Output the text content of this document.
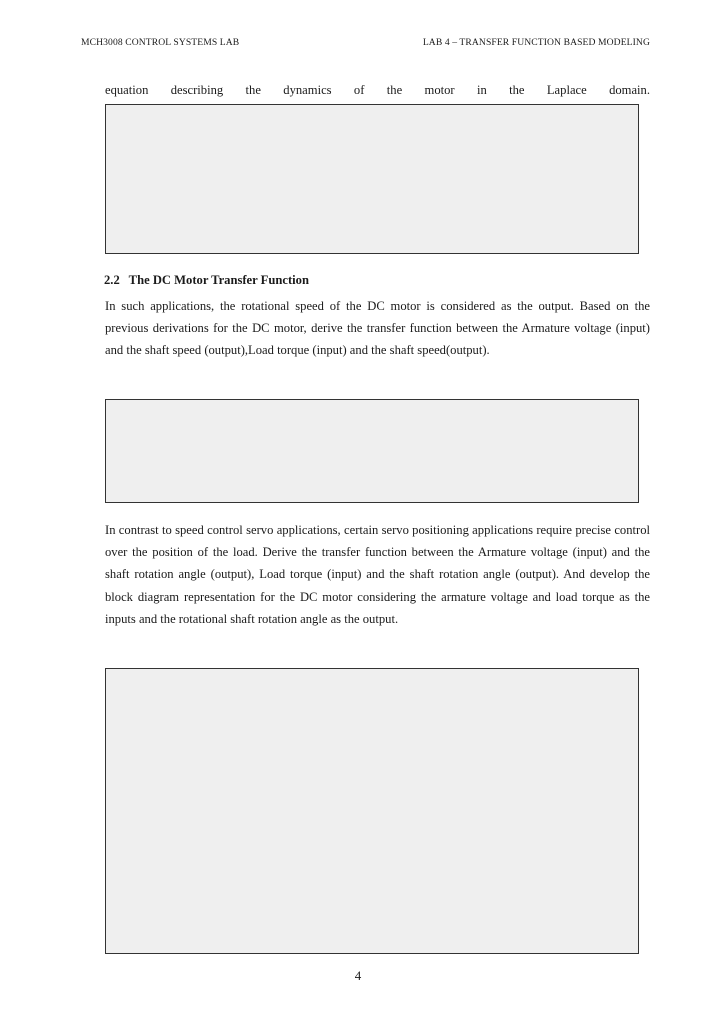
MCH3008 CONTROL SYSTEMS LAB	LAB 4 – TRANSFER FUNCTION BASED MODELING
equation describing the dynamics of the motor in the Laplace domain.
2.2 The DC Motor Transfer Function
In such applications, the rotational speed of the DC motor is considered as the output. Based on the previous derivations for the DC motor, derive the transfer function between the Armature voltage (input) and the shaft speed (output),Load torque (input) and the shaft speed(output).
In contrast to speed control servo applications, certain servo positioning applications require precise control over the position of the load. Derive the transfer function between the Armature voltage (input) and the shaft rotation angle (output), Load torque (input) and the shaft rotation angle (output). And develop the block diagram representation for the DC motor considering the armature voltage and load torque as the inputs and the rotational shaft rotation angle as the output.
4
